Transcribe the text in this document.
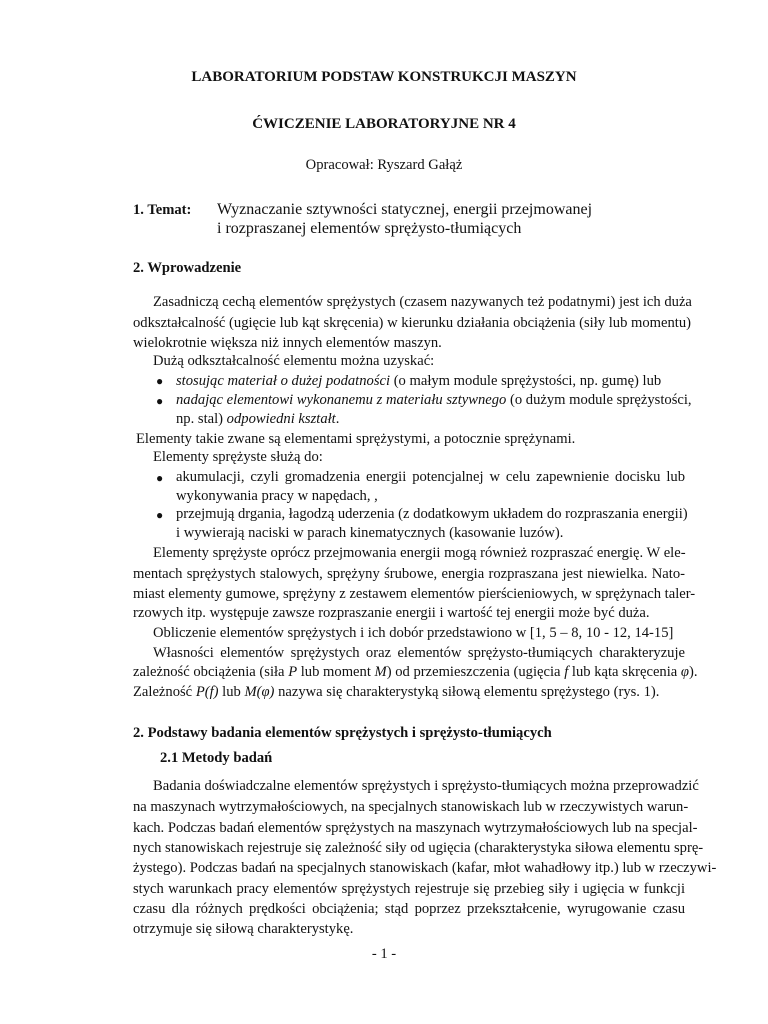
LABORATORIUM PODSTAW KONSTRUKCJI MASZYN
ĆWICZENIE LABORATORYJNE NR 4
Opracował: Ryszard Gałąż
1. Temat: Wyznaczanie sztywności statycznej, energii przejmowanej
i rozpraszanej elementów sprężysto-tłumiących
2. Wprowadzenie
Zasadniczą cechą elementów sprężystych (czasem nazywanych też podatnymi) jest ich duża
odkształcalność (ugięcie lub kąt skręcenia) w kierunku działania obciążenia (siły lub momentu)
wielokrotnie większa niż innych elementów maszyn.
Dużą odkształcalność elementu można uzyskać:
● stosując materiał o dużej podatności (o małym module sprężystości, np. gumę) lub
● nadając elementowi wykonanemu z materiału sztywnego (o dużym module sprężystości,
np. stal) odpowiedni kształt.
Elementy takie zwane są elementami sprężystymi, a potocznie sprężynami.
Elementy sprężyste służą do:
● akumulacji, czyli gromadzenia energii potencjalnej w celu zapewnienie docisku lub
wykonywania pracy w napędach, ,
● przejmują drgania, łagodzą uderzenia (z dodatkowym układem do rozpraszania energii)
i wywierają naciski w parach kinematycznych (kasowanie luzów).
Elementy sprężyste oprócz przejmowania energii mogą również rozpraszać energię. W ele-
mentach sprężystych stalowych, sprężyny śrubowe, energia rozpraszana jest niewielka. Nato-
miast elementy gumowe, sprężyny z zestawem elementów pierścieniowych, w sprężynach taler-
rzowych itp. występuje zawsze rozpraszanie energii i wartość tej energii może być duża.
Obliczenie elementów sprężystych i ich dobór przedstawiono w [1, 5 – 8, 10 - 12, 14-15]
Własności elementów sprężystych oraz elementów sprężysto-tłumiących charakteryzuje
zależność obciążenia (siła P lub moment M) od przemieszczenia (ugięcia f lub kąta skręcenia φ).
Zależność P(f) lub M(φ) nazywa się charakterystyką siłową elementu sprężystego (rys. 1).
2. Podstawy badania elementów sprężystych i sprężysto-tłumiących
2.1 Metody badań
Badania doświadczalne elementów sprężystych i sprężysto-tłumiących można przeprowadzić
na maszynach wytrzymałościowych, na specjalnych stanowiskach lub w rzeczywistych warun-
kach. Podczas badań elementów sprężystych na maszynach wytrzymałościowych lub na specjal-
nych stanowiskach rejestruje się zależność siły od ugięcia (charakterystyka siłowa elementu sprę-
żystego). Podczas badań na specjalnych stanowiskach (kafar, młot wahadłowy itp.) lub w rzeczywi-
stych warunkach pracy elementów sprężystych rejestruje się przebieg siły i ugięcia w funkcji
czasu dla różnych prędkości obciążenia; stąd poprzez przekształcenie, wyrugowanie czasu
otrzymuje się siłową charakterystykę.
- 1 -
